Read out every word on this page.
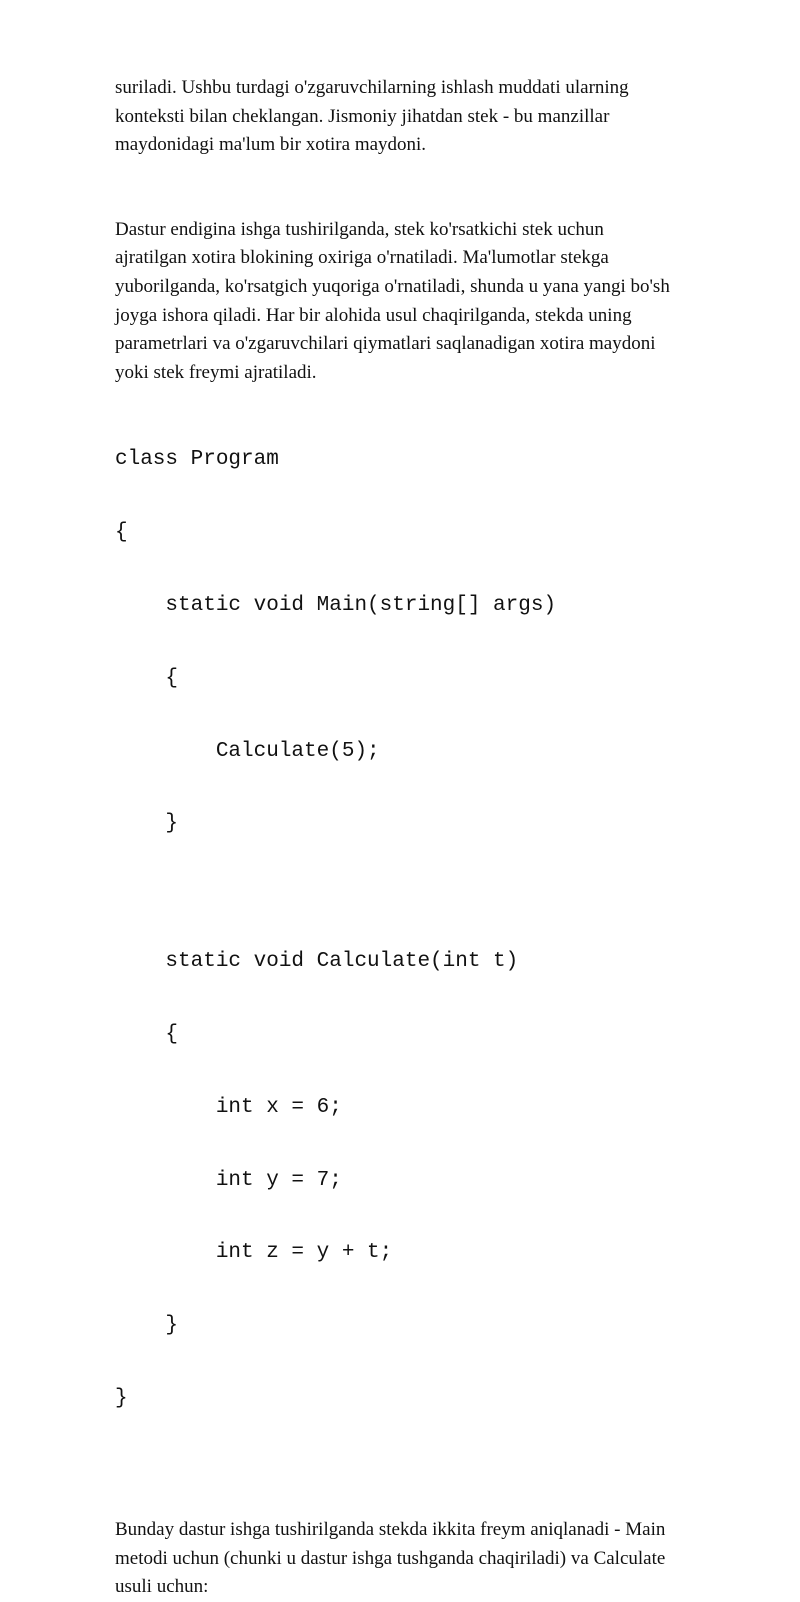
suriladi. Ushbu turdagi o'zgaruvchilarning ishlash muddati ularning
konteksti bilan cheklangan. Jismoniy jihatdan stek - bu manzillar
maydonidagi ma'lum bir xotira maydoni.

Dastur endigina ishga tushirilganda, stek ko'rsatkichi stek uchun
ajratilgan xotira blokining oxiriga o'rnatiladi. Ma'lumotlar stekga
yuborilganda, ko'rsatgich yuqoriga o'rnatiladi, shunda u yana yangi bo'sh
joyga ishora qiladi. Har bir alohida usul chaqirilganda, stekda uning
parametrlari va o'zgaruvchilari qiymatlari saqlanadigan xotira maydoni
yoki stek freymi ajratiladi.

class Program

{

static void Main(string[] args)

{

Calculate(5);

}

static void Calculate(int t)

{

int x = 6;

int y = 7;

int z = y + t;

}

}

Bunday dastur ishga tushirilganda stekda ikkita freym aniqlanadi - Main
metodi uchun (chunki u dastur ishga tushganda chaqiriladi) va Calculate
usuli uchun:
